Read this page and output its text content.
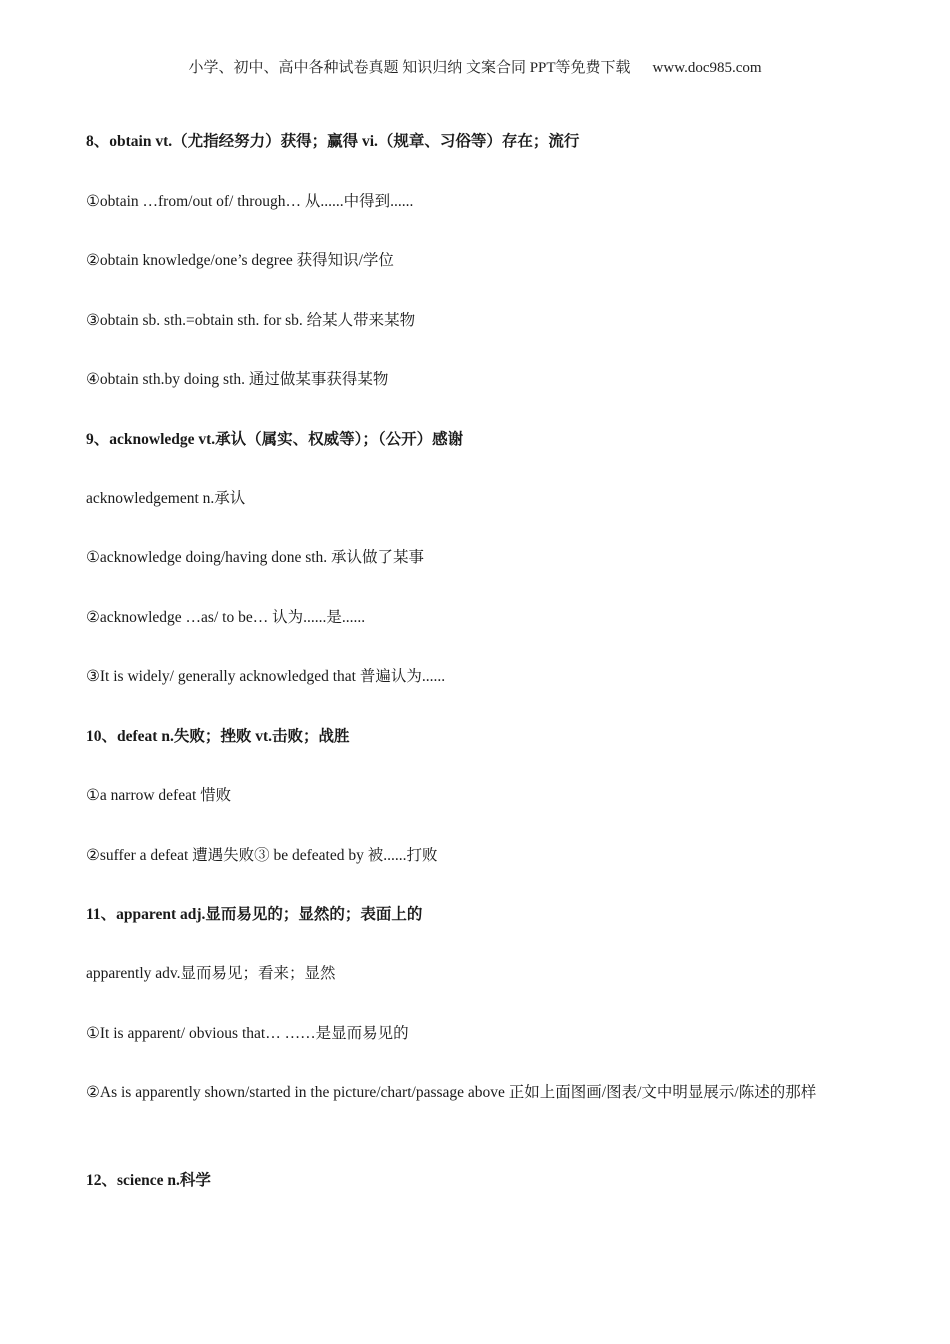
小学、初中、高中各种试卷真题 知识归纳 文案合同 PPT等免费下载 www.doc985.com
8、obtain vt.（尤指经努力）获得；赢得 vi.（规章、习俗等）存在；流行
①obtain …from/out of/ through… 从......中得到......
②obtain knowledge/one’s degree 获得知识/学位
③obtain sb. sth.=obtain sth. for sb. 给某人带来某物
④obtain sth.by doing sth. 通过做某事获得某物
9、acknowledge vt.承认（属实、权威等）；（公开）感谢
acknowledgement n.承认
①acknowledge doing/having done sth. 承认做了某事
②acknowledge …as/ to be… 认为......是......
③It is widely/ generally acknowledged that 普遍认为......
10、defeat n.失败；挫败 vt.击败；战胜
①a narrow defeat 惜败
②suffer a defeat 遭遇失败③ be defeated by 被......打败
11、apparent adj.显而易见的；显然的；表面上的
apparently adv.显而易见；看来；显然
①It is apparent/ obvious that… ……是显而易见的
②As is apparently shown/started in the picture/chart/passage above 正如上面图画/图表/文中明显展示/陈述的那样
12、science n.科学
